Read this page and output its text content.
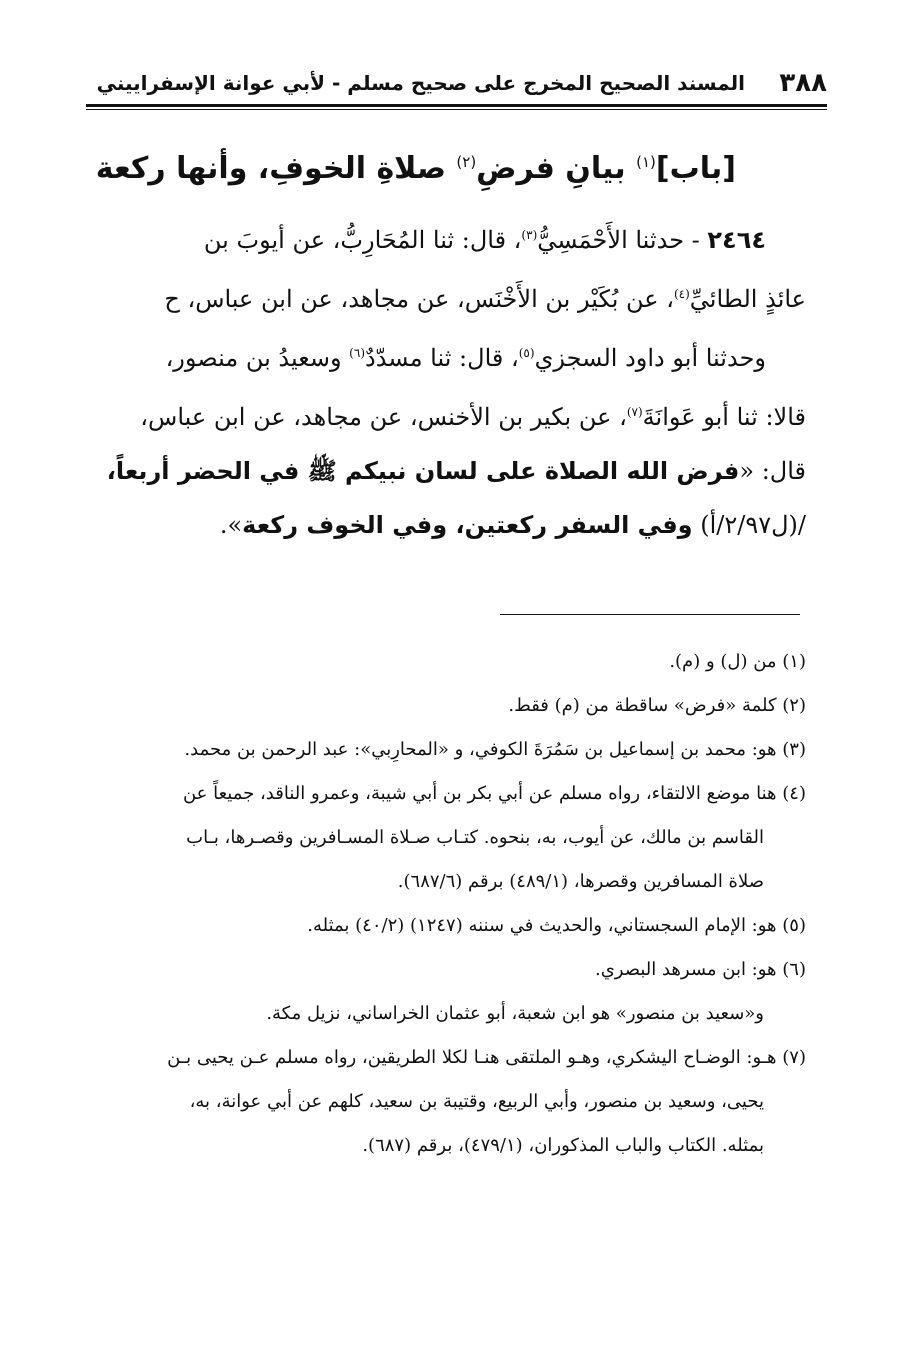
٣٨٨
المسند الصحيح المخرج على صحيح مسلم - لأبي عوانة الإسفراييني
[باب]$^{(١)}$ بيانِ فرضِ$^{(٢)}$ صلاةِ الخوفِ، وأنها ركعة
٢٤٦٤ - حدثنا الأَحْمَسِيُّ$^{(٣)}$، قال: ثنا المُحَارِبُّ، عن أيوبَ بن
عائذٍ الطائيِّ$^{(٤)}$، عن بُكَيْر بن الأَخْنَس، عن مجاهد، عن ابن عباس، ح
وحدثنا أبو داود السجزي$^{(٥)}$، قال: ثنا مسدّدٌ$^{(٦)}$ وسعيدُ بن منصور،
قالا: ثنا أبو عَوانَةَ$^{(٧)}$، عن بكير بن الأخنس، عن مجاهد، عن ابن عباس،
قال: «فرض الله الصلاة على لسان نبيكم ﷺ في الحضر أربعاً،
/(ل٢/٩٧/أ) وفي السفر ركعتين، وفي الخوف ركعة».
(١) من (ل) و (م).
(٢) كلمة «فرض» ساقطة من (م) فقط.
(٣) هو: محمد بن إسماعيل بن سَمُرَةَ الكوفي، و «المحارِبي»: عبد الرحمن بن محمد.
(٤) هنا موضع الالتقاء، رواه مسلم عن أبي بكر بن أبي شيبة، وعمرو الناقد، جميعاً عن
القاسم بن مالك، عن أيوب، به، بنحوه. كتـاب صـلاة المسـافرين وقصـرها، بـاب
صلاة المسافرين وقصرها، (٤٨٩/١) برقم (٦٨٧/٦).
(٥) هو: الإمام السجستاني، والحديث في سننه (١٢٤٧) (٤٠/٢) بمثله.
(٦) هو: ابن مسرهد البصري.
و«سعيد بن منصور» هو ابن شعبة، أبو عثمان الخراساني، نزيل مكة.
(٧) هـو: الوضـاح اليشكري، وهـو الملتقى هنـا لكلا الطريقين، رواه مسلم عـن يحيى بـن
يحيى، وسعيد بن منصور، وأبي الربيع، وقتيبة بن سعيد، كلهم عن أبي عوانة، به،
بمثله. الكتاب والباب المذكوران، (٤٧٩/١)، برقم (٦٨٧).
